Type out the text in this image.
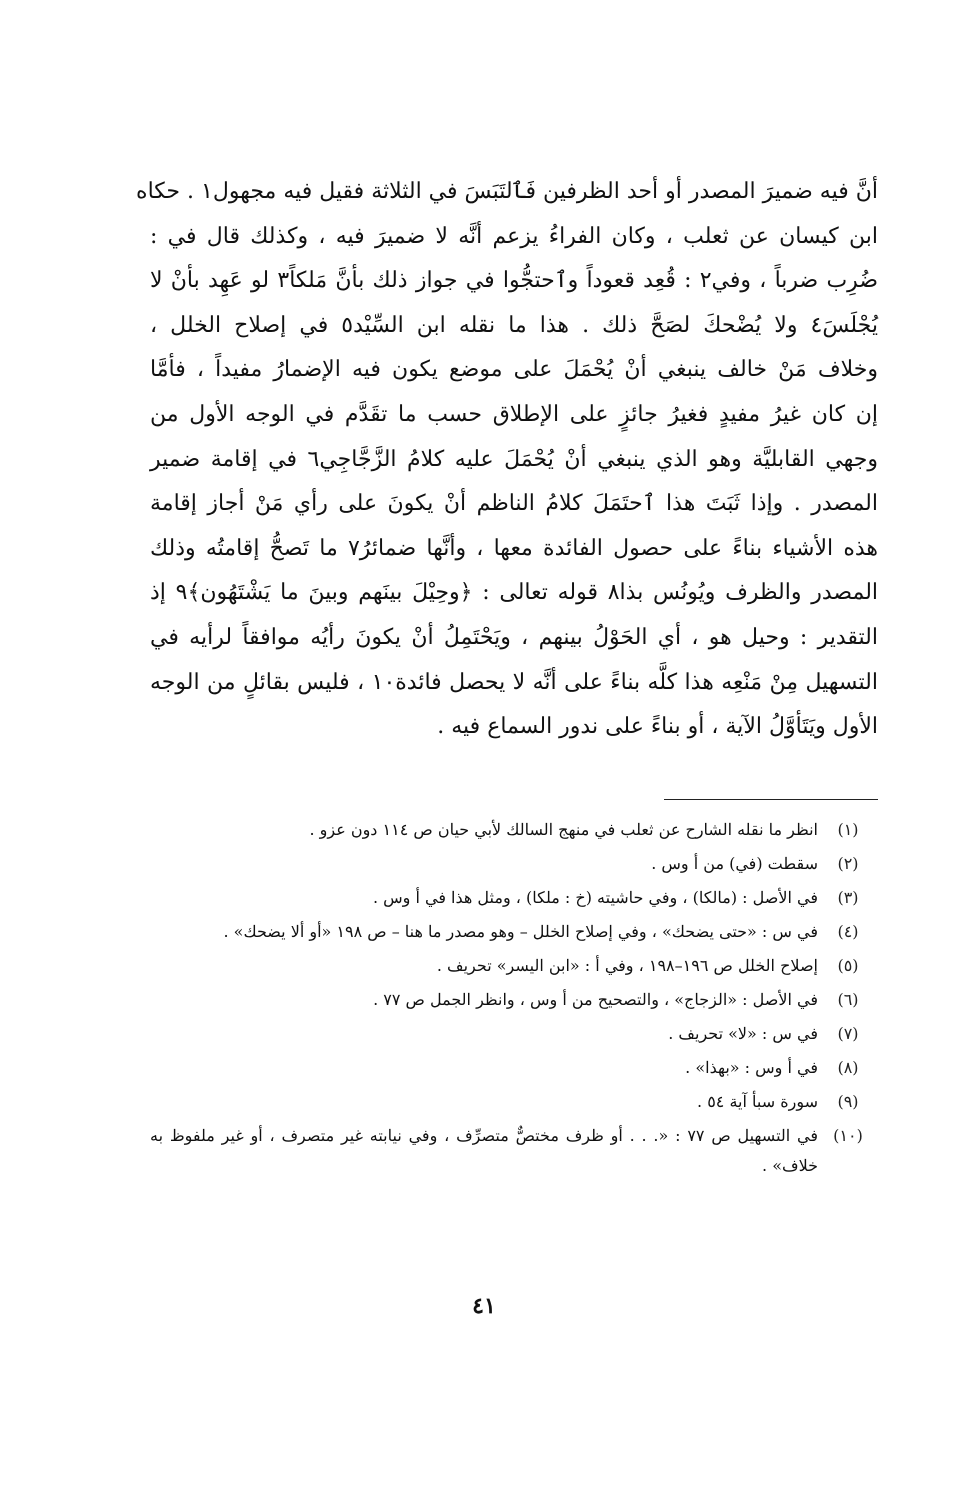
أنَّ فيه ضميرَ المصدر أو أحد الظرفين فَٱلتَبَسَ في الثلاثة فقيل فيه مجهول١ . حكاه
ابن كيسان عن ثعلب ، وكان الفراءُ يزعم أنَّه لا ضميرَ فيه ، وكذلك قال في :
ضُرِب ضرباً ، وفي٢ : قُعِد قعوداً وٱحتجُّوا في جواز ذلك بأنَّ مَلكاً٣ لو عَهِد بأنْ لا
يُجْلَسَ٤ ولا يُضْحكَ لصَحَّ ذلك . هذا ما نقله ابن السِّيْد٥ في إصلاح الخلل ،
وخلاف مَنْ خالف ينبغي أنْ يُحْمَلَ على موضع يكون فيه الإضمارُ مفيداً ، فأمَّا
إن كان غيرُ مفيدٍ فغيرُ جائزٍ على الإطلاق حسب ما تقَدَّم في الوجه الأول من
وجهي القابليَّة وهو الذي ينبغي أنْ يُحْمَلَ عليه كلامُ الزَّجَّاجِي٦ في إقامة ضمير
المصدر . وإذا ثَبَتَ هذا ٱحتَمَلَ كلامُ الناظم أنْ يكونَ على رأي مَنْ أجاز إقامة
هذه الأشياء بناءً على حصول الفائدة معها ، وأنَّها ضمائرُ٧ ما تَصحُّ إقامتُه وذلك
المصدر والظرف ويُونُس بذا٨ قوله تعالى : ﴿وحِيْلَ بينَهم وبينَ ما يَشْتَهُون﴾٩ إذ
التقدير : وحيل هو ، أي الحَوْلُ بينهم ، ويَحْتَمِلُ أنْ يكونَ رأيُه موافقاً لرأيه في
التسهيل مِنْ مَنْعِه هذا كلَّه بناءً على أنَّه لا يحصل فائدة١٠ ، فليس بقائلٍ من الوجه
الأول ويَتَأوَّلُ الآية ، أو بناءً على ندور السماع فيه .
(١)
انظر ما نقله الشارح عن ثعلب في منهج السالك لأبي حيان ص ١١٤ دون عزو .
(٢)
سقطت (في) من أ وس .
(٣)
في الأصل : (مالكا) ، وفي حاشيته (خ : ملكا) ، ومثل هذا في أ وس .
(٤)
في س : «حتى يضحك» ، وفي إصلاح الخلل – وهو مصدر ما هنا – ص ١٩٨ «أو ألا يضحك» .
(٥)
إصلاح الخلل ص ١٩٦–١٩٨ ، وفي أ : «ابن اليسر» تحريف .
(٦)
في الأصل : «الزجاج» ، والتصحيح من أ وس ، وانظر الجمل ص ٧٧ .
(٧)
في س : «لا» تحريف .
(٨)
في أ وس : «بهذا» .
(٩)
سورة سبأ آية ٥٤ .
(١٠)
في التسهيل ص ٧٧ : «. . . أو ظرف مختصٌّ متصرِّف ، وفي نيابته غير متصرف ، أو غير ملفوظ به خلاف» .
٤١
